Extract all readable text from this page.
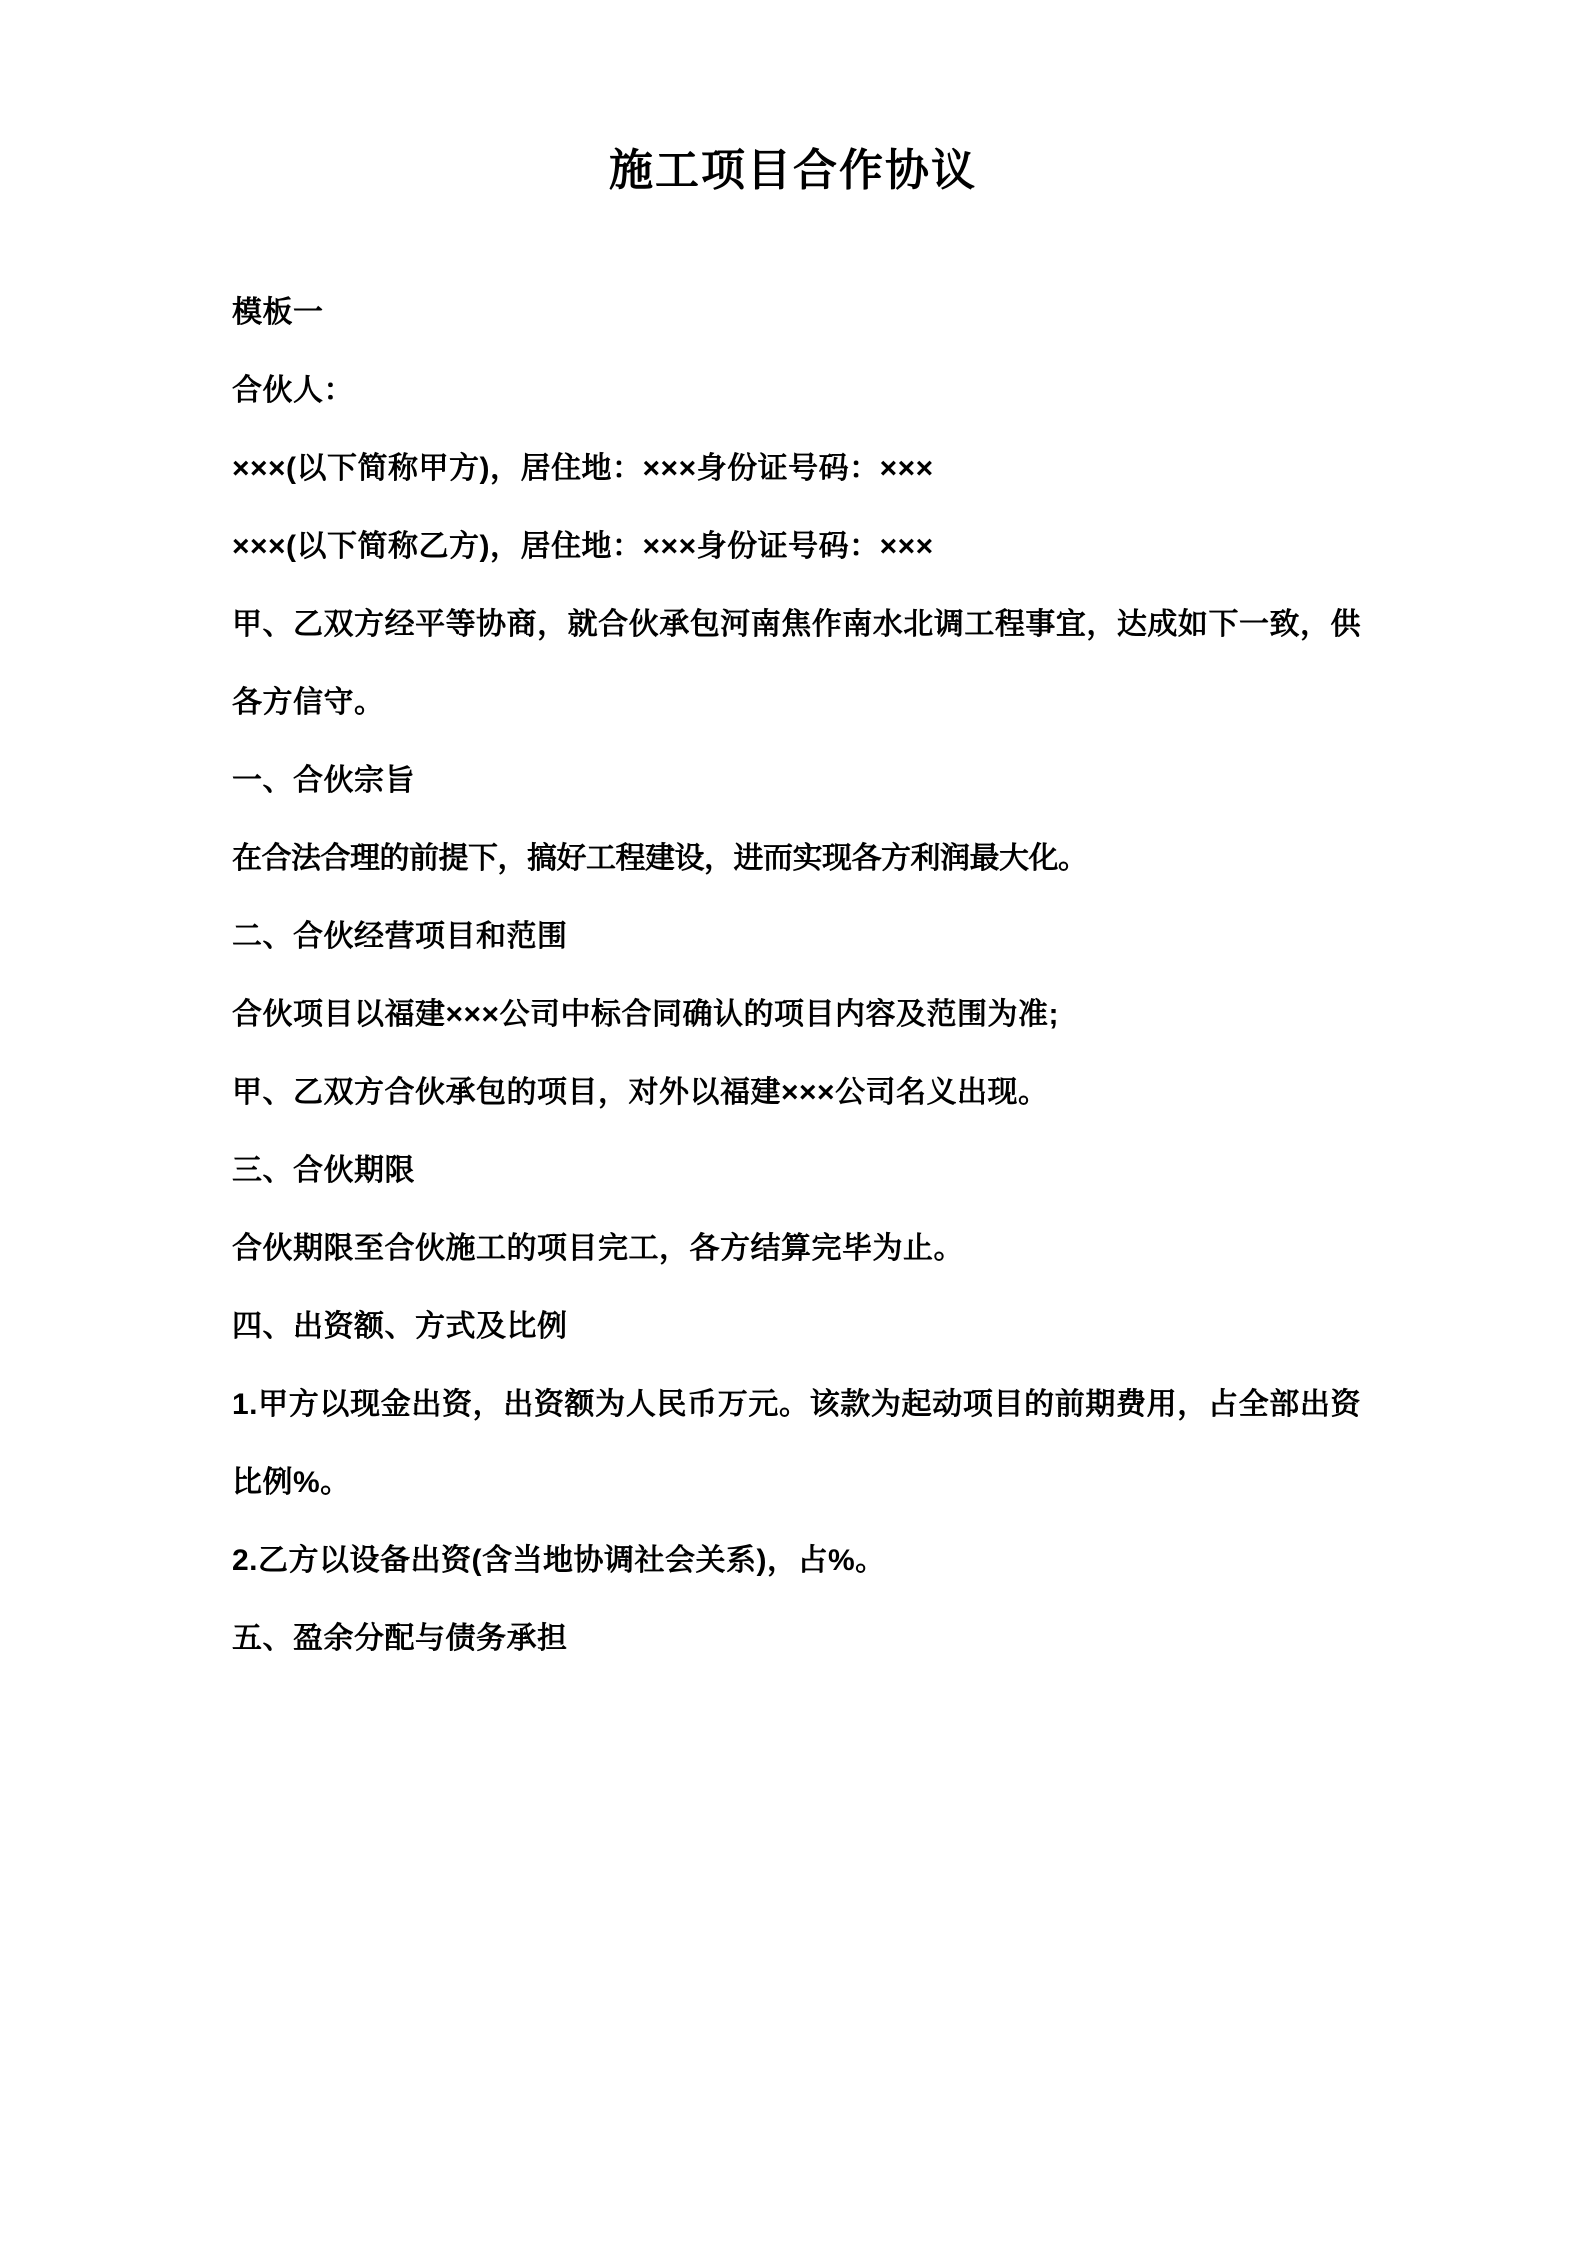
施工项目合作协议

模板一

合伙人：

×××(以下简称甲方)，居住地：×××身份证号码：×××

×××(以下简称乙方)，居住地：×××身份证号码：×××

甲、乙双方经平等协商，就合伙承包河南焦作南水北调工程事宜，达成如下一致，供各方信守。

一、合伙宗旨

在合法合理的前提下，搞好工程建设，进而实现各方利润最大化。

二、合伙经营项目和范围

合伙项目以福建×××公司中标合同确认的项目内容及范围为准;

甲、乙双方合伙承包的项目，对外以福建×××公司名义出现。

三、合伙期限

合伙期限至合伙施工的项目完工，各方结算完毕为止。

四、出资额、方式及比例

1.甲方以现金出资，出资额为人民币万元。该款为起动项目的前期费用，占全部出资比例%。

2.乙方以设备出资(含当地协调社会关系)，占%。

五、盈余分配与债务承担
